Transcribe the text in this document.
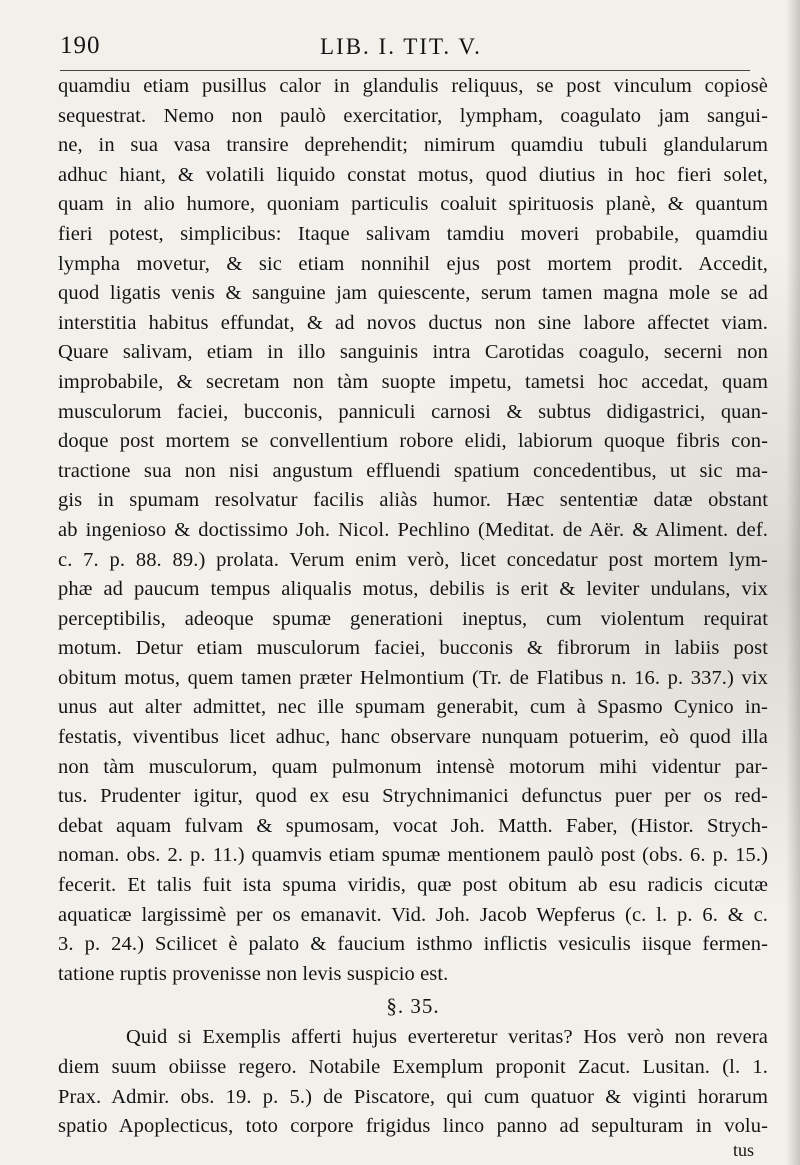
190	LIB. I. TIT. V.
quamdiu etiam pusillus calor in glandulis reliquus, se post vinculum copiosè
sequestrat. Nemo non paulò exercitatior, lympham, coagulato jam sangui-
ne, in sua vasa transire deprehendit; nimirum quamdiu tubuli glandularum
adhuc hiant, & volatili liquido constat motus, quod diutius in hoc fieri solet,
quam in alio humore, quoniam particulis coaluit spirituosis planè, & quantum
fieri potest, simplicibus: Itaque salivam tamdiu moveri probabile, quamdiu
lympha movetur, & sic etiam nonnihil ejus post mortem prodit. Accedit,
quod ligatis venis & sanguine jam quiescente, serum tamen magna mole se ad
interstitia habitus effundat, & ad novos ductus non sine labore affectet viam.
Quare salivam, etiam in illo sanguinis intra Carotidas coagulo, secerni non
improbabile, & secretam non tàm suopte impetu, tametsi hoc accedat, quam
musculorum faciei, bucconis, panniculi carnosi & subtus didigastrici, quan-
doque post mortem se convellentium robore elidi, labiorum quoque fibris con-
tractione sua non nisi angustum effluendi spatium concedentibus, ut sic ma-
gis in spumam resolvatur facilis aliàs humor. Hæc sententiæ datæ obstant
ab ingenioso & doctissimo Joh. Nicol. Pechlino (Meditat. de Aër. & Aliment. def.
c. 7. p. 88. 89.) prolata. Verum enim verò, licet concedatur post mortem lym-
phæ ad paucum tempus aliqualis motus, debilis is erit & leviter undulans, vix
perceptibilis, adeoque spumæ generationi ineptus, cum violentum requirat
motum. Detur etiam musculorum faciei, bucconis & fibrorum in labiis post
obitum motus, quem tamen præter Helmontium (Tr. de Flatibus n. 16. p. 337.) vix
unus aut alter admittet, nec ille spumam generabit, cum à Spasmo Cynico in-
festatis, viventibus licet adhuc, hanc observare nunquam potuerim, eò quod illa
non tàm musculorum, quam pulmonum intensè motorum mihi videntur par-
tus. Prudenter igitur, quod ex esu Strychnimanici defunctus puer per os red-
debat aquam fulvam & spumosam, vocat Joh. Matth. Faber, (Histor. Strych-
noman. obs. 2. p. 11.) quamvis etiam spumæ mentionem paulò post (obs. 6. p. 15.)
fecerit. Et talis fuit ista spuma viridis, quæ post obitum ab esu radicis cicutæ
aquaticæ largissimè per os emanavit. Vid. Joh. Jacob Wepferus (c. l. p. 6. & c.
3. p. 24.) Scilicet è palato & faucium isthmo inflictis vesiculis iisque fermen-
tatione ruptis provenisse non levis suspicio est.
§. 35.
Quid si Exemplis afferti hujus everteretur veritas? Hos verò non revera
diem suum obiisse regero. Notabile Exemplum proponit Zacut. Lusitan. (l. 1.
Prax. Admir. obs. 19. p. 5.) de Piscatore, qui cum quatuor & viginti horarum
spatio Apoplecticus, toto corpore frigidus linco panno ad sepulturam in volu-
tus
